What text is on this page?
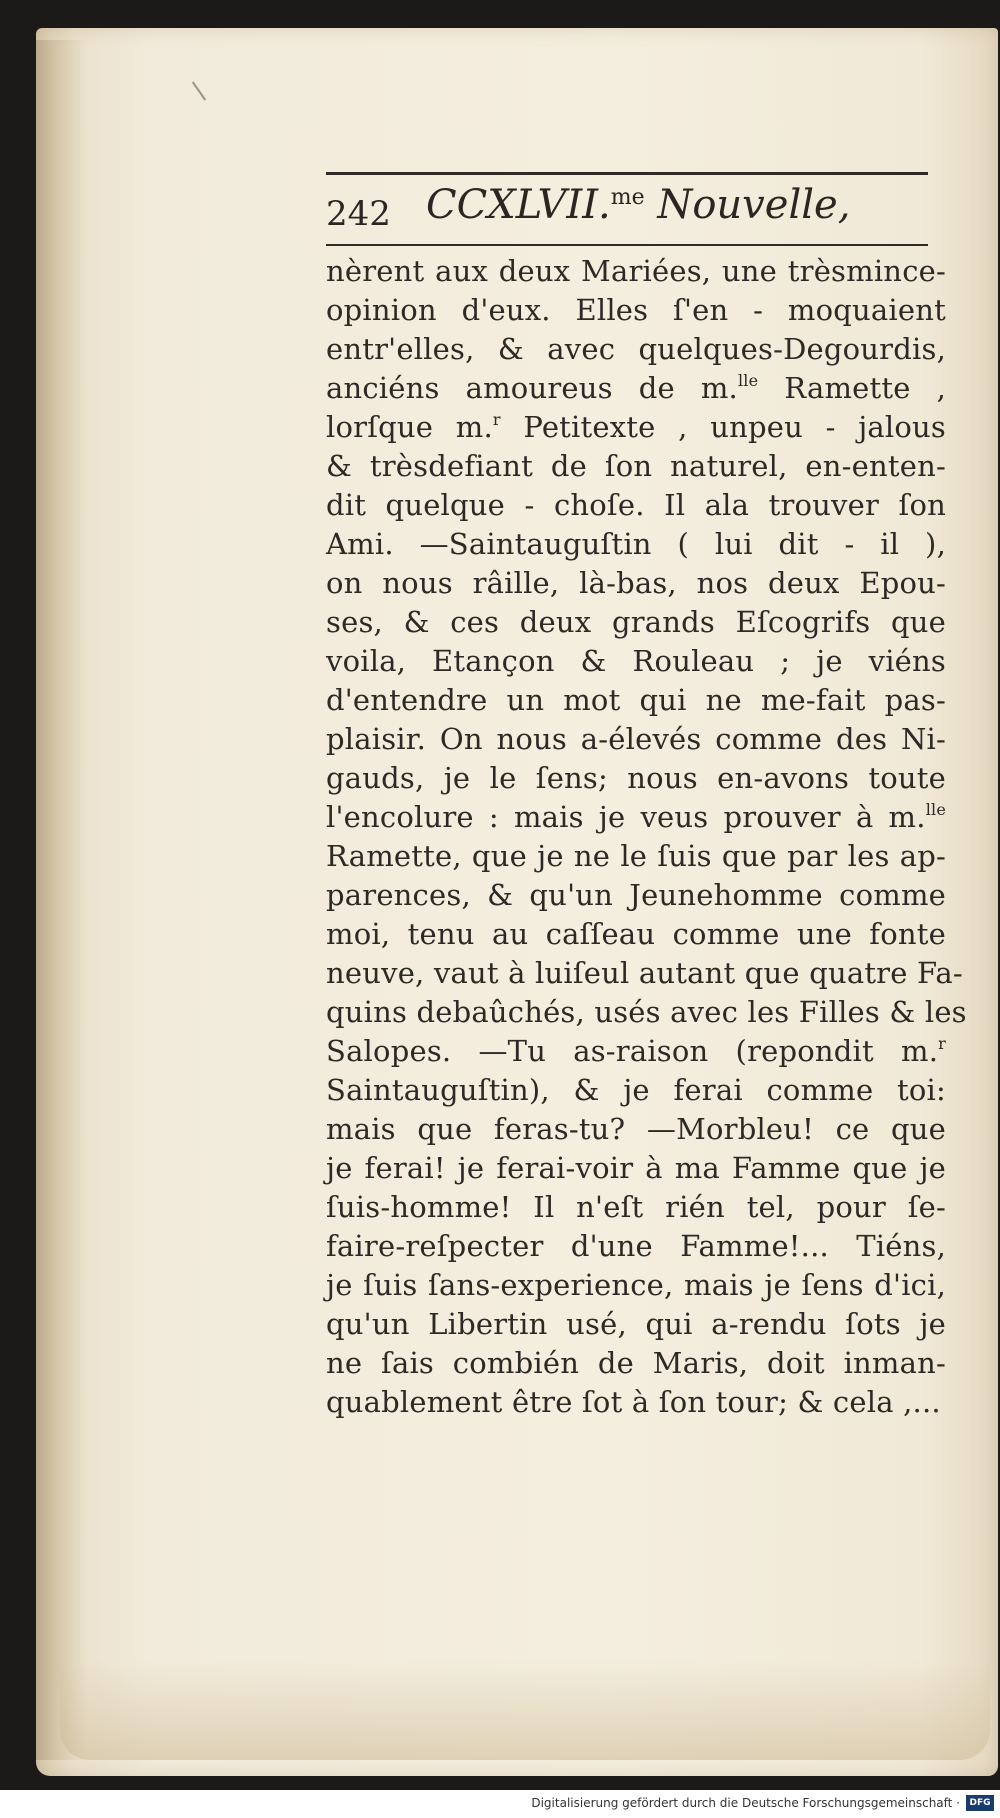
242 CCXLVII.$^{me}$ Nouvelle,
nèrent aux deux Mariées, une trèsmince-
opinion d'eux. Elles ſ'en - moquaient
entr'elles, & avec quelques-Degourdis,
anciéns amoureus de m.$^{lle}$ Ramette ,
lorſque m.$^r$ Petitexte , unpeu - jalous
& trèsdefiant de ſon naturel, en-enten-
dit quelque - choſe. Il ala trouver ſon
Ami. —Saintauguſtin ( lui dit - il ),
on nous râille, là-bas, nos deux Epou-
ses, & ces deux grands Eſcogrifs que
voila, Etançon & Rouleau ; je viéns
d'entendre un mot qui ne me-fait pas-
plaisir. On nous a-élevés comme des Ni-
gauds, je le ſens; nous en-avons toute
l'encolure : mais je veus prouver à m.$^{lle}$
Ramette, que je ne le ſuis que par les ap-
parences, & qu'un Jeunehomme comme
moi, tenu au caſſeau comme une fonte
neuve, vaut à luiſeul autant que quatre Fa-
quins debaûchés, usés avec les Filles & les
Salopes. —Tu as-raison (repondit m.$^r$
Saintauguſtin), & je ferai comme toi:
mais que feras-tu? —Morbleu! ce que
je ferai! je ferai-voir à ma Famme que je
ſuis-homme! Il n'eſt rién tel, pour ſe-
faire-reſpecter d'une Famme!... Tiéns,
je ſuis ſans-experience, mais je ſens d'ici,
qu'un Libertin usé, qui a-rendu ſots je
ne ſais combién de Maris, doit inman-
quablement être ſot à ſon tour; & cela ,...
Digitalisierung gefördert durch die Deutsche Forschungsgemeinschaft ·	DFG
